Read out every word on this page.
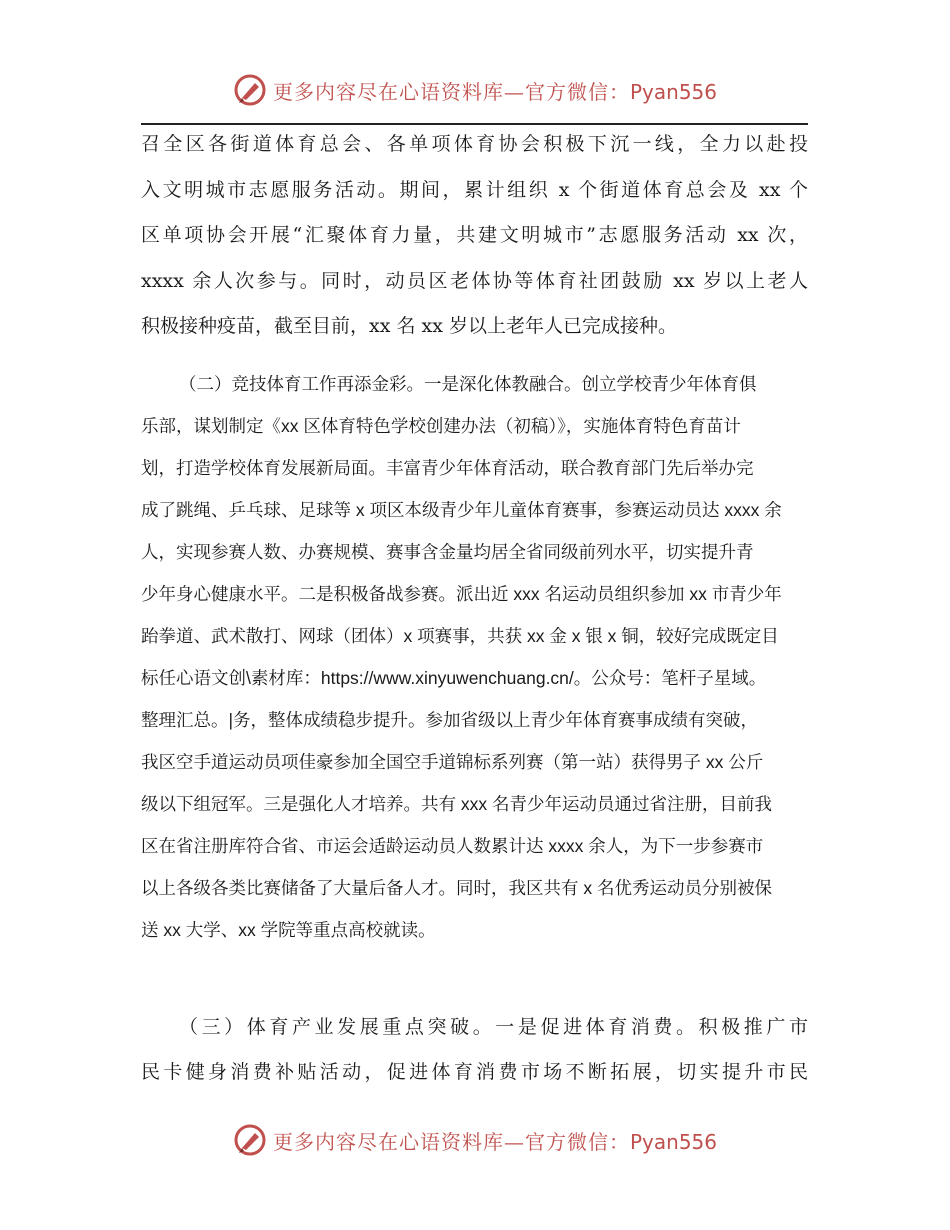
更多内容尽在心语资料库—官方微信：Pyan556
召全区各街道体育总会、各单项体育协会积极下沉一线，全力以赴投
入文明城市志愿服务活动。期间，累计组织 x 个街道体育总会及 xx 个
区单项协会开展“汇聚体育力量，共建文明城市”志愿服务活动 xx 次，
xxxx 余人次参与。同时，动员区老体协等体育社团鼓励 xx 岁以上老人
积极接种疫苗，截至目前，xx 名 xx 岁以上老年人已完成接种。
（二）竞技体育工作再添金彩。一是深化体教融合。创立学校青少年体育俱
乐部，谋划制定《xx 区体育特色学校创建办法（初稿）》，实施体育特色育苗计
划，打造学校体育发展新局面。丰富青少年体育活动，联合教育部门先后举办完
成了跳绳、乒乓球、足球等 x 项区本级青少年儿童体育赛事，参赛运动员达 xxxx 余
人，实现参赛人数、办赛规模、赛事含金量均居全省同级前列水平，切实提升青
少年身心健康水平。二是积极备战参赛。派出近 xxx 名运动员组织参加 xx 市青少年
跆拳道、武术散打、网球（团体）x 项赛事，共获 xx 金 x 银 x 铜，较好完成既定目
标任心语文创\素材库：https://www.xinyuwenchuang.cn/。公众号：笔杆子星域。
整理汇总。|务，整体成绩稳步提升。参加省级以上青少年体育赛事成绩有突破，
我区空手道运动员项佳豪参加全国空手道锦标系列赛（第一站）获得男子 xx 公斤
级以下组冠军。三是强化人才培养。共有 xxx 名青少年运动员通过省注册，目前我
区在省注册库符合省、市运会适龄运动员人数累计达 xxxx 余人，为下一步参赛市
以上各级各类比赛储备了大量后备人才。同时，我区共有 x 名优秀运动员分别被保
送 xx 大学、xx 学院等重点高校就读。
（三）体育产业发展重点突破。一是促进体育消费。积极推广市
民卡健身消费补贴活动，促进体育消费市场不断拓展，切实提升市民
更多内容尽在心语资料库—官方微信：Pyan556
